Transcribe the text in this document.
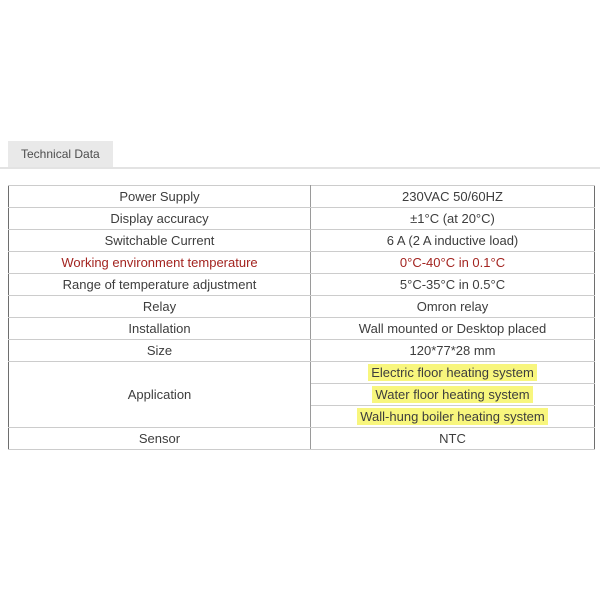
Technical Data
Power Supply	230VAC 50/60HZ
Display accuracy	±1°C (at 20°C)
Switchable Current	6 A (2 A inductive load)
Working environment temperature	0°C-40°C in 0.1°C
Range of temperature adjustment	5°C-35°C in 0.5°C
Relay	Omron relay
Installation	Wall mounted or Desktop placed
Size	120*77*28 mm
Application	Electric floor heating system
	Water floor heating system
	Wall-hung boiler heating system
Sensor	NTC
